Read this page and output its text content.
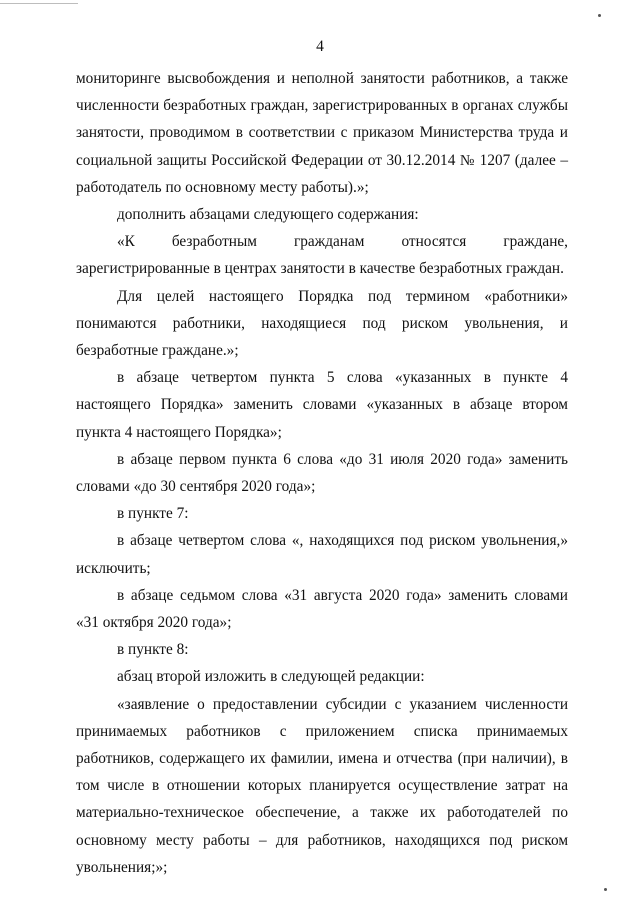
4

мониторинге высвобождения и неполной занятости работников, а также численности безработных граждан, зарегистрированных в органах службы занятости, проводимом в соответствии с приказом Министерства труда и социальной защиты Российской Федерации от 30.12.2014 № 1207 (далее – работодатель по основному месту работы).»;

дополнить абзацами следующего содержания:

«К безработным гражданам относятся граждане, зарегистрированные в центрах занятости в качестве безработных граждан.

Для целей настоящего Порядка под термином «работники» понимаются работники, находящиеся под риском увольнения, и безработные граждане.»;

в абзаце четвертом пункта 5 слова «указанных в пункте 4 настоящего Порядка» заменить словами «указанных в абзаце втором пункта 4 настоящего Порядка»;

в абзаце первом пункта 6 слова «до 31 июля 2020 года» заменить словами «до 30 сентября 2020 года»;

в пункте 7:

в абзаце четвертом слова «, находящихся под риском увольнения,» исключить;

в абзаце седьмом слова «31 августа 2020 года» заменить словами «31 октября 2020 года»;

в пункте 8:

абзац второй изложить в следующей редакции:

«заявление о предоставлении субсидии с указанием численности принимаемых работников с приложением списка принимаемых работников, содержащего их фамилии, имена и отчества (при наличии), в том числе в отношении которых планируется осуществление затрат на материально-техническое обеспечение, а также их работодателей по основному месту работы – для работников, находящихся под риском увольнения;»;
